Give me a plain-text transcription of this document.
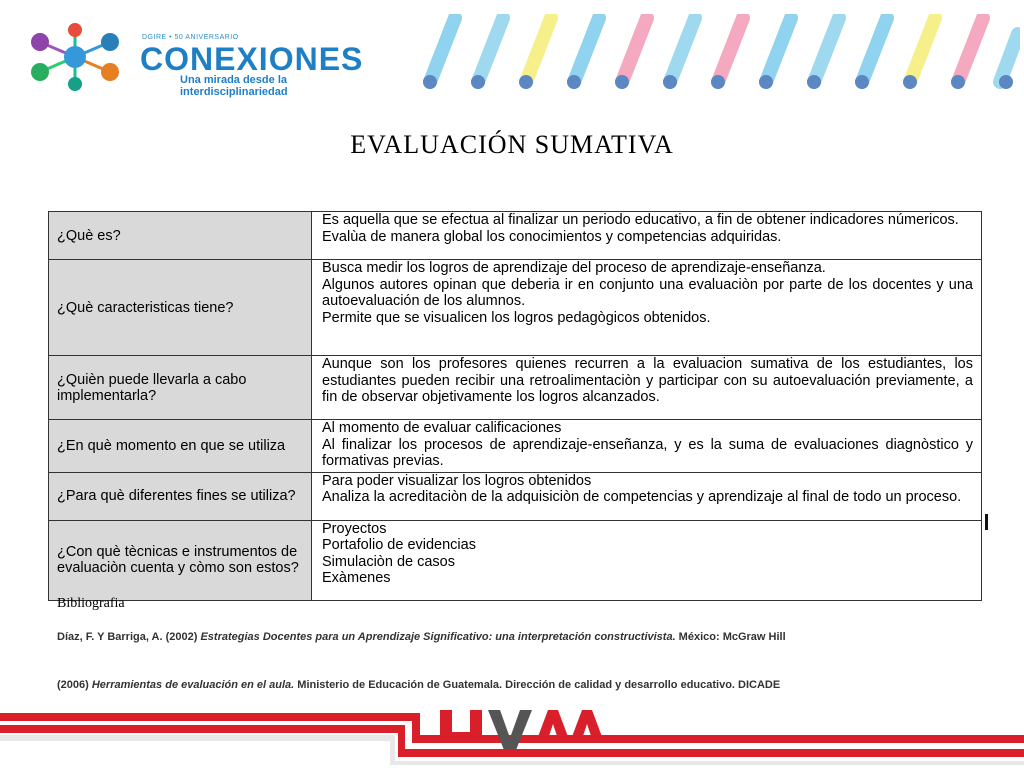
DGIRE • 50 ANIVERSARIO
CONEXIONES
Una mirada desde la interdisciplinariedad
EVALUACIÓN SUMATIVA
¿Què es?	Es aquella que se efectua al finalizar un periodo educativo, a fin de obtener indicadores númericos.
Evalùa de manera global los conocimientos y competencias adquiridas.

¿Què caracteristicas tiene?	Busca medir los logros de aprendizaje del proceso de aprendizaje-enseñanza.
Algunos autores opinan que deberia ir en conjunto una evaluaciòn por parte de los docentes y una autoevaluación de los alumnos.
Permite que se visualicen los logros pedagògicos obtenidos.

¿Quièn puede llevarla a cabo implementarla?	Aunque son los profesores quienes recurren a la evaluacion sumativa de los estudiantes, los estudiantes pueden recibir una retroalimentaciòn y participar con su autoevaluación previamente, a fin de observar objetivamente los logros alcanzados.

¿En què momento en que se utiliza	Al momento de evaluar calificaciones
Al finalizar los procesos de aprendizaje-enseñanza, y es la suma de evaluaciones diagnòstico y formativas previas.

¿Para què diferentes fines se utiliza?	Para poder visualizar los logros obtenidos
Analiza la acreditaciòn de la adquisiciòn de competencias y aprendizaje al final de todo un proceso.

¿Con què tècnicas e instrumentos de evaluaciòn cuenta y còmo son estos?	Proyectos
Portafolio de evidencias
Simulaciòn de casos
Exàmenes
Bibliografia
Díaz, F. Y Barriga, A. (2002) Estrategias Docentes para un Aprendizaje Significativo: una interpretación constructivista. México: McGraw Hill
(2006) Herramientas de evaluación en el aula. Ministerio de Educación de Guatemala. Dirección de calidad y desarrollo educativo. DICADE
